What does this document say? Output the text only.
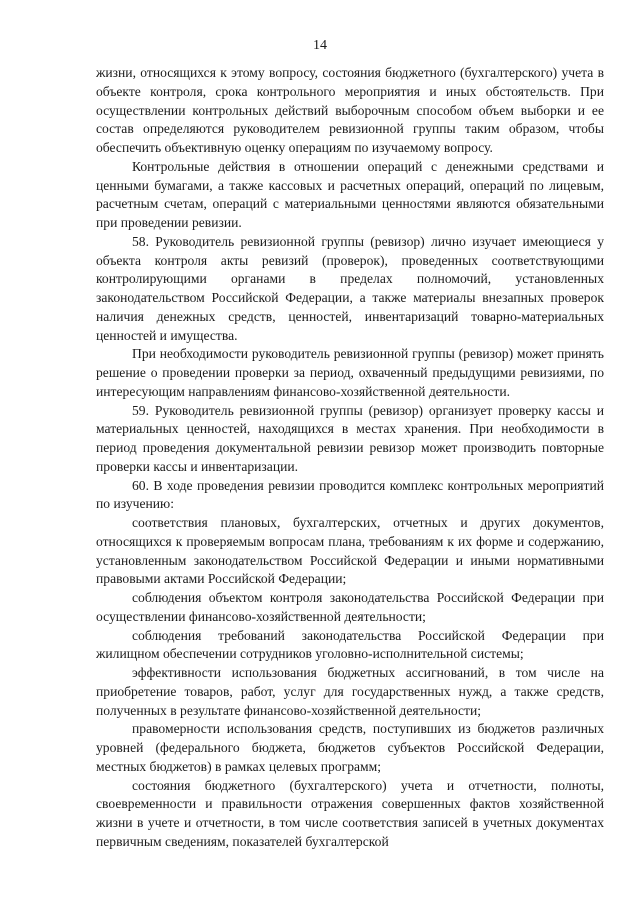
14

жизни, относящихся к этому вопросу, состояния бюджетного (бухгалтерского) учета в объекте контроля, срока контрольного мероприятия и иных обстоятельств. При осуществлении контрольных действий выборочным способом объем выборки и ее состав определяются руководителем ревизионной группы таким образом, чтобы обеспечить объективную оценку операциям по изучаемому вопросу.

Контрольные действия в отношении операций с денежными средствами и ценными бумагами, а также кассовых и расчетных операций, операций по лицевым, расчетным счетам, операций с материальными ценностями являются обязательными при проведении ревизии.

58. Руководитель ревизионной группы (ревизор) лично изучает имеющиеся у объекта контроля акты ревизий (проверок), проведенных соответствующими контролирующими органами в пределах полномочий, установленных законодательством Российской Федерации, а также материалы внезапных проверок наличия денежных средств, ценностей, инвентаризаций товарно-материальных ценностей и имущества.

При необходимости руководитель ревизионной группы (ревизор) может принять решение о проведении проверки за период, охваченный предыдущими ревизиями, по интересующим направлениям финансово-хозяйственной деятельности.

59. Руководитель ревизионной группы (ревизор) организует проверку кассы и материальных ценностей, находящихся в местах хранения. При необходимости в период проведения документальной ревизии ревизор может производить повторные проверки кассы и инвентаризации.

60. В ходе проведения ревизии проводится комплекс контрольных мероприятий по изучению:

соответствия плановых, бухгалтерских, отчетных и других документов, относящихся к проверяемым вопросам плана, требованиям к их форме и содержанию, установленным законодательством Российской Федерации и иными нормативными правовыми актами Российской Федерации;

соблюдения объектом контроля законодательства Российской Федерации при осуществлении финансово-хозяйственной деятельности;

соблюдения требований законодательства Российской Федерации при жилищном обеспечении сотрудников уголовно-исполнительной системы;

эффективности использования бюджетных ассигнований, в том числе на приобретение товаров, работ, услуг для государственных нужд, а также средств, полученных в результате финансово-хозяйственной деятельности;

правомерности использования средств, поступивших из бюджетов различных уровней (федерального бюджета, бюджетов субъектов Российской Федерации, местных бюджетов) в рамках целевых программ;

состояния бюджетного (бухгалтерского) учета и отчетности, полноты, своевременности и правильности отражения совершенных фактов хозяйственной жизни в учете и отчетности, в том числе соответствия записей в учетных документах первичным сведениям, показателей бухгалтерской
